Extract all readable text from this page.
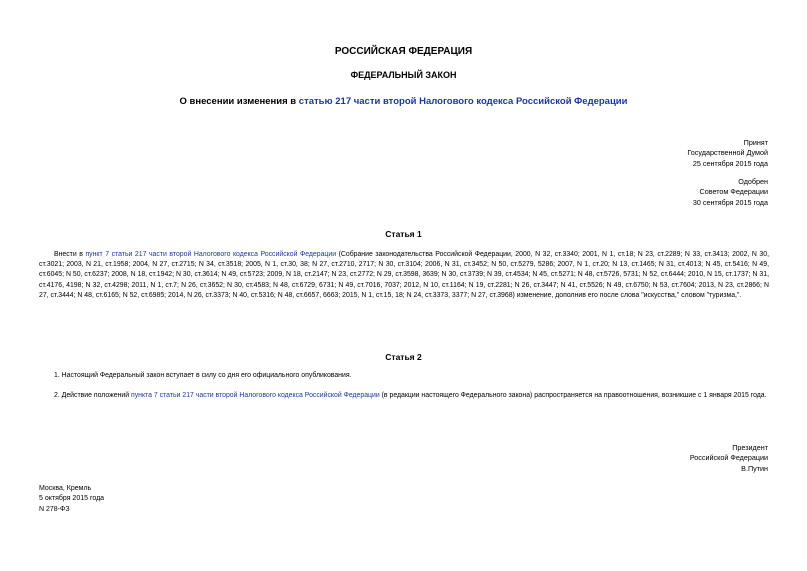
РОССИЙСКАЯ ФЕДЕРАЦИЯ
ФЕДЕРАЛЬНЫЙ ЗАКОН
О внесении изменения в статью 217 части второй Налогового кодекса Российской Федерации
Принят
Государственной Думой
25 сентября 2015 года
Одобрен
Советом Федерации
30 сентября 2015 года
Статья 1
Внести в пункт 7 статьи 217 части второй Налогового кодекса Российской Федерации (Собрание законодательства Российской Федерации, 2000, N 32, ст.3340; 2001, N 1, ст.18; N 23, ст.2289; N 33, ст.3413; 2002, N 30, ст.3021; 2003, N 21, ст.1958; 2004, N 27, ст.2715; N 34, ст.3518; 2005, N 1, ст.30, 38; N 27, ст.2710, 2717; N 30, ст.3104; 2006, N 31, ст.3452; N 50, ст.5279, 5286; 2007, N 1, ст.20; N 13, ст.1465; N 31, ст.4013; N 45, ст.5416; N 49, ст.6045; N 50, ст.6237; 2008, N 18, ст.1942; N 30, ст.3614; N 49, ст.5723; 2009, N 18, ст.2147; N 23, ст.2772; N 29, ст.3598, 3639; N 30, ст.3739; N 39, ст.4534; N 45, ст.5271; N 48, ст.5726, 5731; N 52, ст.6444; 2010, N 15, ст.1737; N 31, ст.4176, 4198; N 32, ст.4298; 2011, N 1, ст.7; N 26, ст.3652; N 30, ст.4583; N 48, ст.6729, 6731; N 49, ст.7016, 7037; 2012, N 10, ст.1164; N 19, ст.2281; N 26, ст.3447; N 41, ст.5526; N 49, ст.6750; N 53, ст.7604; 2013, N 23, ст.2866; N 27, ст.3444; N 48, ст.6165; N 52, ст.6985; 2014, N 26, ст.3373; N 40, ст.5316; N 48, ст.6657, 6663; 2015, N 1, ст.15, 18; N 24, ст.3373, 3377; N 27, ст.3968) изменение, дополнив его после слова "искусства," словом "туризма,".
Статья 2
1. Настоящий Федеральный закон вступает в силу со дня его официального опубликования.
2. Действие положений пункта 7 статьи 217 части второй Налогового кодекса Российской Федерации (в редакции настоящего Федерального закона) распространяется на правоотношения, возникшие с 1 января 2015 года.
Президент
Российской Федерации
В.Путин
Москва, Кремль
5 октября 2015 года
N 278-ФЗ
